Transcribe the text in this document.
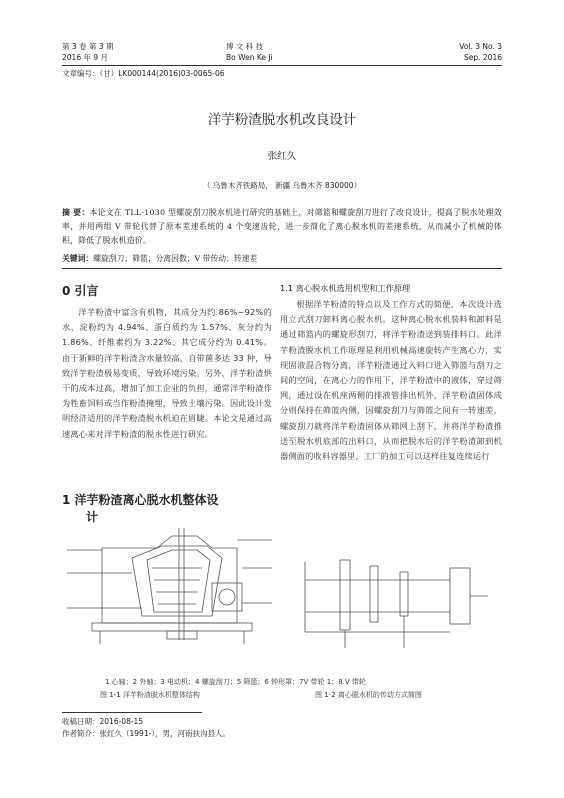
第 3 卷 第 3 期
2016 年 9 月
博 文 科 技
Bo Wen Ke Ji
Vol. 3 No. 3
Sep. 2016
文章编号：（甘）LK000144(2016)03-0065-06
洋芋粉渣脱水机改良设计
张红久
（ 乌鲁木齐铁路局， 新疆 乌鲁木齐 830000）
摘 要：本论文在 TLL-1030 型螺旋刮刀脱水机进行研究的基础上，对筛篮和螺旋刮刀进行了改良设计，提高了脱水处理效率，并用两组 V 带轮代替了原本差速系统的 4 个变速齿轮，进一步简化了离心脱水机的差速系统，从而减小了机械的体积，降低了脱水机造价。
关键词：螺旋刮刀；筛篮；分离因数；V 带传动；转速差
0 引言

洋芋粉渣中富含有机物，其成分为约 86%~92%的水、淀粉约为 4.94%、蛋白质约为 1.57%、灰分约为 1.86%、纤维素约为 3.22%、其它成分约为 0.41%。由于新鲜的洋芋粉渣含水量较高，自带菌多达 33 种，导致洋芋粉渣极易变质，导致环境污染。另外，洋芋粉渣烘干的成本过高，增加了加工企业的负担，通常洋芋粉渣作为牲畜饲料或当作粉渣掩埋，导致土壤污染。因此设计发明经济适用的洋芋粉渣脱水机迫在眉睫。本论文是通过高速离心来对洋芋粉渣的脱水性进行研究。

1 洋芋粉渣离心脱水机整体设
计
1.1 离心脱水机选用机型和工作原理

根据洋芋粉渣的特点以及工作方式的简便，本次设计选用立式刮刀卸料离心脱水机。这种离心脱水机装料和卸料是通过筛篮内的螺旋形刮刀，将洋芋粉渣送到装排料口。此洋芋粉渣脱水机工作原理是利用机械高速旋转产生离心力，实现固液混合物分离，洋芋粉渣通过入料口进入筛篮与刮刀之间的空间，在离心力的作用下，洋芋粉渣中的液体，穿过筛网，通过设在机座两侧的排液管排出机外，洋芋粉渣固体成分则保持在筛篮内侧，因螺旋刮刀与筛篮之间有一转速差，螺旋刮刀就将洋芋粉渣固体从筛网上刮下，并将洋芋粉渣推送至脱水机底部的出料口，从而把脱水后的洋芋粉渣卸到机器侧面的收料容器里，工厂的加工可以这样往复连续运行

1 心轴；2 外轴；3 电动机；4 螺旋刮刀；5 筛篮；6 钟形罩；7V 带轮 1；8.V 带轮
图 1-1 洋芋粉渣脱水机整体结构	图 1-2 离心脱水机的传动方式简图
收稿日期：2016-08-15
作者简介：张红久（1991-），男，河南扶沟县人。
